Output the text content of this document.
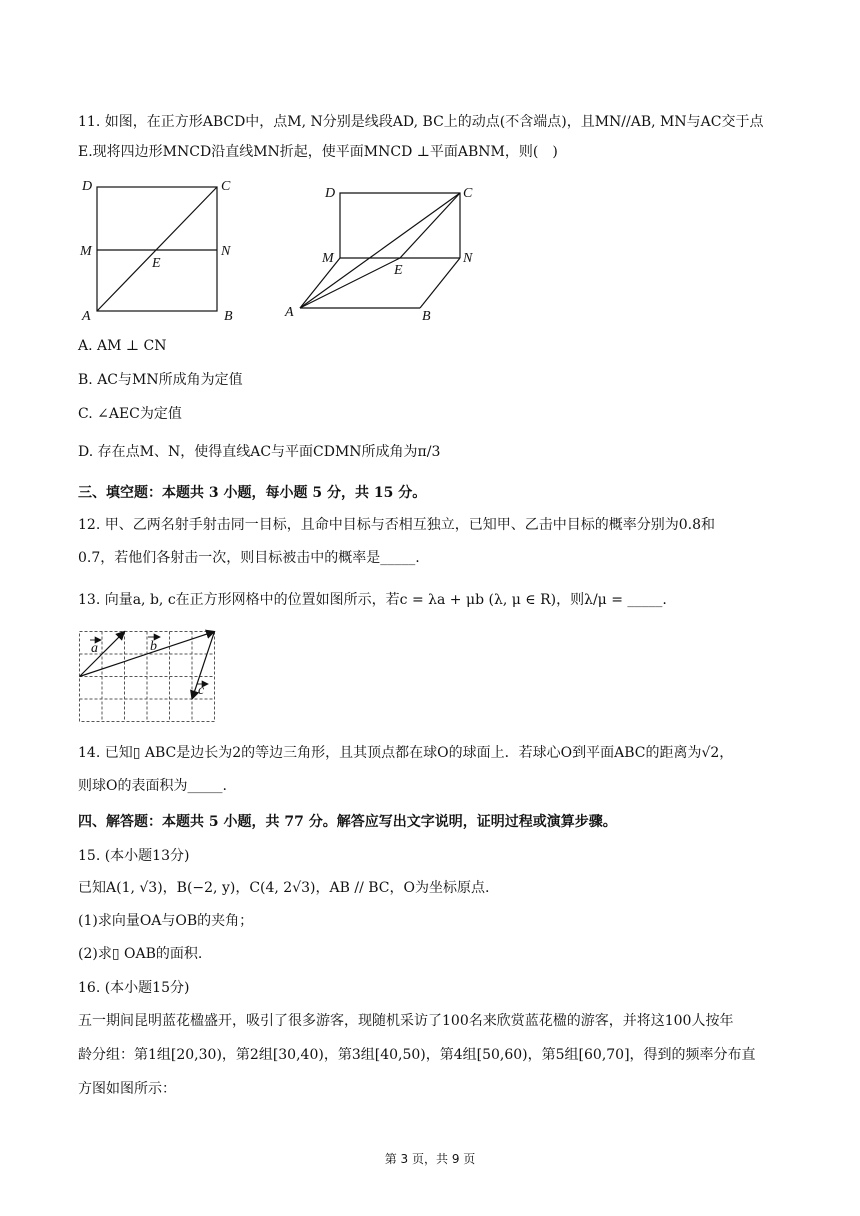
11. 如图，在正方形ABCD中，点M, N分别是线段AD, BC上的动点(不含端点)，且MN//AB, MN与AC交于点
E.现将四边形MNCD沿直线MN折起，使平面MNCD ⊥平面ABNM，则(　)
D	C
M	N
E
A	B
D	C
M
E
N
A	B
A. AM ⊥ CN
B. AC与MN所成角为定值
C. ∠AEC为定值
D. 存在点M、N，使得直线AC与平面CDMN所成角为π/3
三、填空题：本题共 3 小题，每小题 5 分，共 15 分。
12. 甲、乙两名射手射击同一目标，且命中目标与否相互独立，已知甲、乙击中目标的概率分别为0.8和
0.7，若他们各射击一次，则目标被击中的概率是_____.
13. 向量a, b, c在正方形网格中的位置如图所示，若c = λa + μb (λ, μ ∈ R)，则λ/μ = _____.
a	b
c
14. 已知▯ ABC是边长为2的等边三角形，且其顶点都在球O的球面上．若球心O到平面ABC的距离为√2，
则球O的表面积为_____.
四、解答题：本题共 5 小题，共 77 分。解答应写出文字说明，证明过程或演算步骤。
15. (本小题13分)
已知A(1, √3)，B(−2, y)，C(4, 2√3)，AB // BC，O为坐标原点.
(1)求向量OA与OB的夹角；
(2)求▯ OAB的面积.
16. (本小题15分)
五一期间昆明蓝花楹盛开，吸引了很多游客，现随机采访了100名来欣赏蓝花楹的游客，并将这100人按年
龄分组：第1组[20,30)，第2组[30,40)，第3组[40,50)，第4组[50,60)，第5组[60,70]，得到的频率分布直
方图如图所示：
第 3 页，共 9 页
